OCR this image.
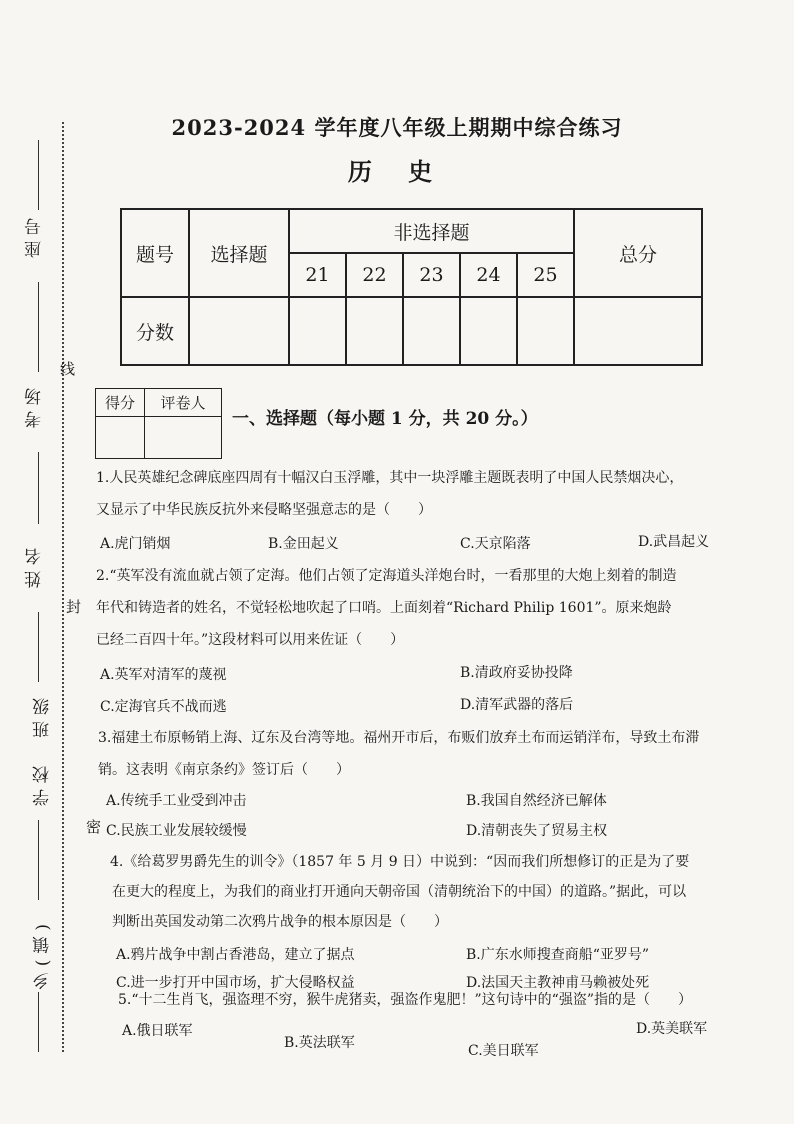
座号
考场
姓名
班级
学校
乡(镇)
线
封
密
2023-2024 学年度八年级上期期中综合练习
历 史
题号	选择题	非选择题					总分
		21	22	23	24	25	
分数							
得分	评卷人

一、选择题（每小题 1 分，共 20 分。）
1.人民英雄纪念碑底座四周有十幅汉白玉浮雕，其中一块浮雕主题既表明了中国人民禁烟决心，
又显示了中华民族反抗外来侵略坚强意志的是（　　）
A.虎门销烟	B.金田起义	C.天京陷落	D.武昌起义
2.“英军没有流血就占领了定海。他们占领了定海道头洋炮台时，一看那里的大炮上刻着的制造
年代和铸造者的姓名，不觉轻松地吹起了口哨。上面刻着“Richard Philip 1601”。原来炮龄
已经二百四十年。”这段材料可以用来佐证（　　）
A.英军对清军的蔑视	B.清政府妥协投降
C.定海官兵不战而逃	D.清军武器的落后
3.福建土布原畅销上海、辽东及台湾等地。福州开市后，布贩们放弃土布而运销洋布，导致土布滞
销。这表明《南京条约》签订后（　　）
A.传统手工业受到冲击	B.我国自然经济已解体
C.民族工业发展较缓慢	D.清朝丧失了贸易主权
4.《给葛罗男爵先生的训令》（1857 年 5 月 9 日）中说到：“因而我们所想修订的正是为了要
在更大的程度上，为我们的商业打开通向天朝帝国（清朝统治下的中国）的道路。”据此，可以
判断出英国发动第二次鸦片战争的根本原因是（　　）
A.鸦片战争中割占香港岛，建立了据点	B.广东水师搜查商船“亚罗号”
C.进一步打开中国市场，扩大侵略权益	D.法国天主教神甫马赖被处死
5.“十二生肖飞，强盗理不穷，猴牛虎猪卖，强盗作鬼肥！”这句诗中的“强盗”指的是（　　）
A.俄日联军
B.英法联军	C.美日联军
D.英美联军
